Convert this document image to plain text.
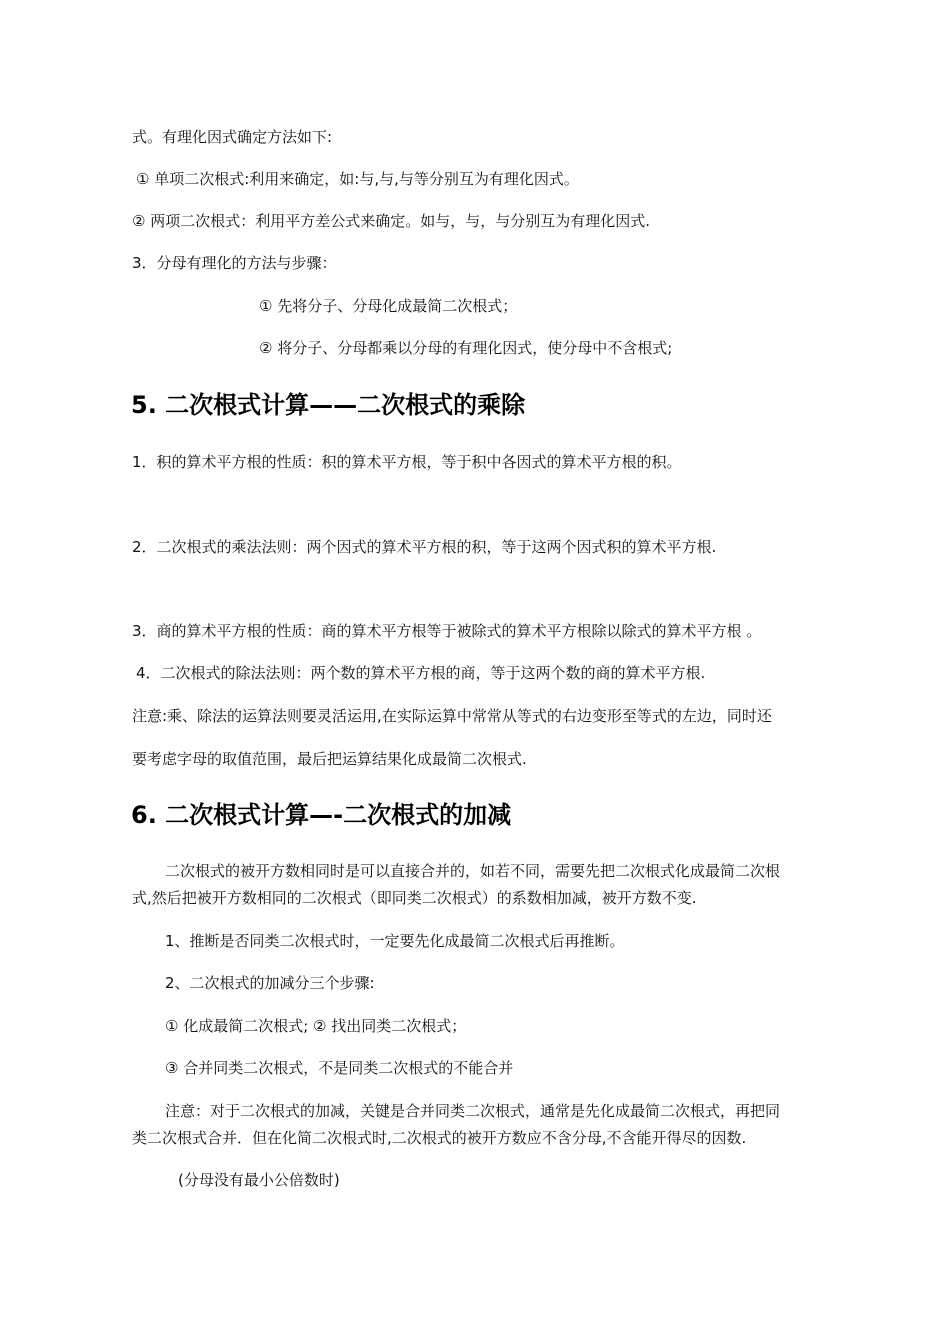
式。有理化因式确定方法如下:
① 单项二次根式:利用来确定，如:与,与,与等分别互为有理化因式。
② 两项二次根式：利用平方差公式来确定。如与，与，与分别互为有理化因式.
3．分母有理化的方法与步骤：
① 先将分子、分母化成最简二次根式；
② 将分子、分母都乘以分母的有理化因式，使分母中不含根式;
5. 二次根式计算——二次根式的乘除
1．积的算术平方根的性质：积的算术平方根，等于积中各因式的算术平方根的积。
2．二次根式的乘法法则：两个因式的算术平方根的积，等于这两个因式积的算术平方根.
3．商的算术平方根的性质：商的算术平方根等于被除式的算术平方根除以除式的算术平方根 。
4．二次根式的除法法则：两个数的算术平方根的商，等于这两个数的商的算术平方根.
注意:乘、除法的运算法则要灵活运用,在实际运算中常常从等式的右边变形至等式的左边，同时还
要考虑字母的取值范围，最后把运算结果化成最简二次根式.
6. 二次根式计算—-二次根式的加减
二次根式的被开方数相同时是可以直接合并的，如若不同，需要先把二次根式化成最简二次根
式,然后把被开方数相同的二次根式（即同类二次根式）的系数相加减，被开方数不变.
1、推断是否同类二次根式时，一定要先化成最简二次根式后再推断。
2、二次根式的加减分三个步骤:
① 化成最简二次根式; ② 找出同类二次根式；
③ 合并同类二次根式，不是同类二次根式的不能合并
注意：对于二次根式的加减，关键是合并同类二次根式，通常是先化成最简二次根式，再把同
类二次根式合并．但在化简二次根式时,二次根式的被开方数应不含分母,不含能开得尽的因数.
(分母没有最小公倍数时)
